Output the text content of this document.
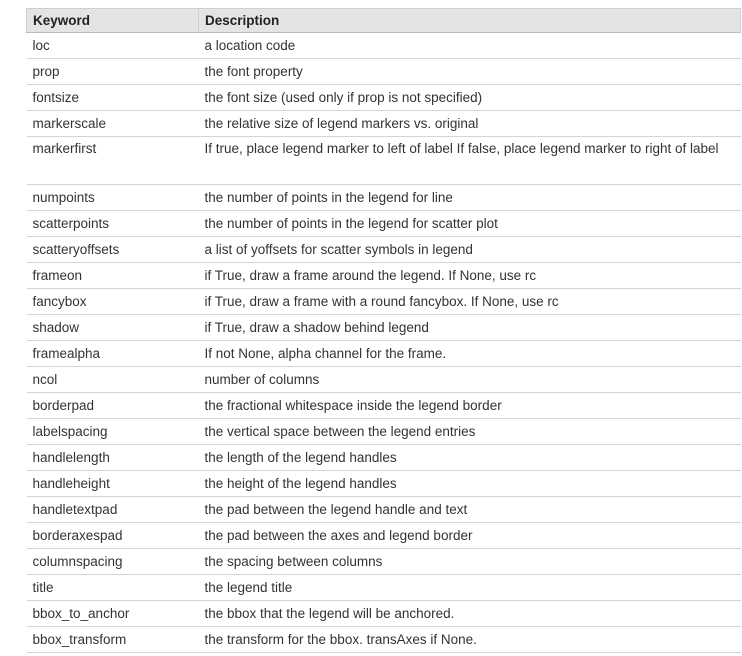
Keyword	Description
loc	a location code
prop	the font property
fontsize	the font size (used only if prop is not specified)
markerscale	the relative size of legend markers vs. original
markerfirst	If true, place legend marker to left of label If false, place legend marker to right of label
numpoints	the number of points in the legend for line
scatterpoints	the number of points in the legend for scatter plot
scatteryoffsets	a list of yoffsets for scatter symbols in legend
frameon	if True, draw a frame around the legend. If None, use rc
fancybox	if True, draw a frame with a round fancybox. If None, use rc
shadow	if True, draw a shadow behind legend
framealpha	If not None, alpha channel for the frame.
ncol	number of columns
borderpad	the fractional whitespace inside the legend border
labelspacing	the vertical space between the legend entries
handlelength	the length of the legend handles
handleheight	the height of the legend handles
handletextpad	the pad between the legend handle and text
borderaxespad	the pad between the axes and legend border
columnspacing	the spacing between columns
title	the legend title
bbox_to_anchor	the bbox that the legend will be anchored.
bbox_transform	the transform for the bbox. transAxes if None.
